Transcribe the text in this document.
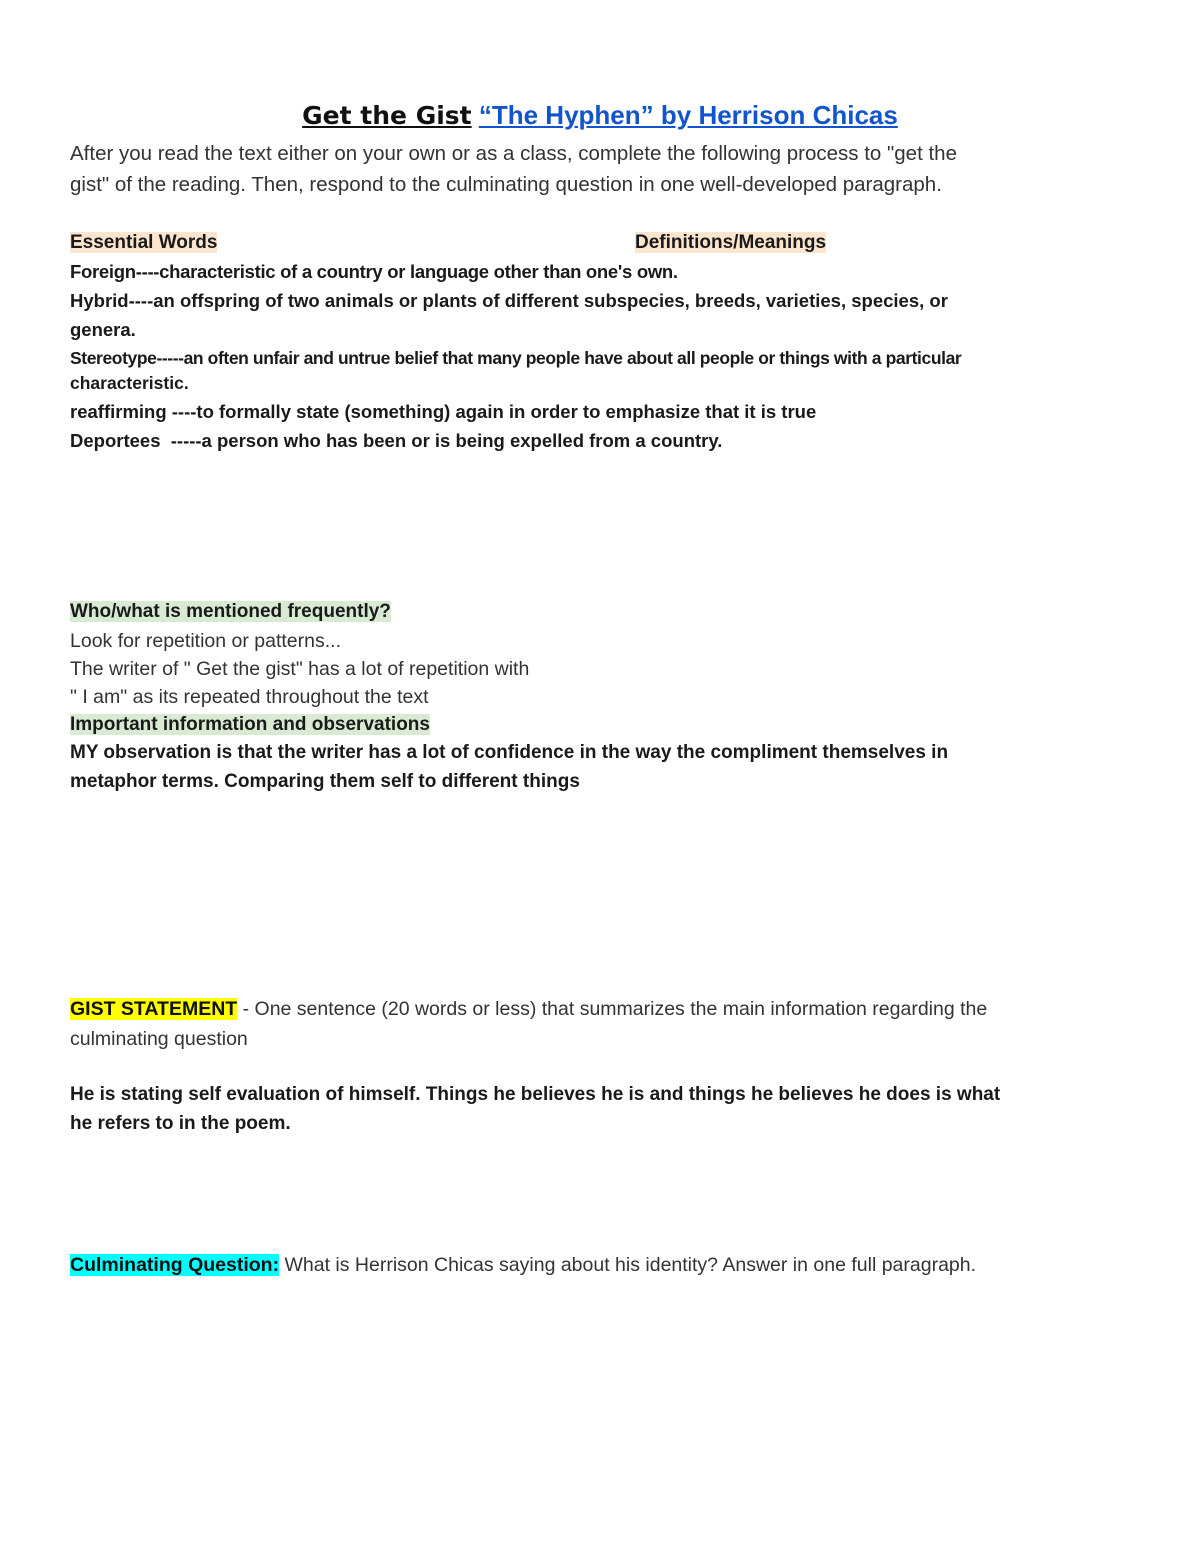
Get the Gist “The Hyphen” by Herrison Chicas
After you read the text either on your own or as a class, complete the following process to "get the
gist" of the reading. Then, respond to the culminating question in one well-developed paragraph.
Essential Words	Definitions/Meanings
Foreign----characteristic of a country or language other than one's own.
Hybrid----an offspring of two animals or plants of different subspecies, breeds, varieties, species, or
genera.
Stereotype-----an often unfair and untrue belief that many people have about all people or things with a particular
characteristic.
reaffirming ----to formally state (something) again in order to emphasize that it is true
Deportees  -----a person who has been or is being expelled from a country.
Who/what is mentioned frequently?
Look for repetition or patterns...
The writer of " Get the gist" has a lot of repetition with
" I am" as its repeated throughout the text
Important information and observations
MY observation is that the writer has a lot of confidence in the way the compliment themselves in
metaphor terms. Comparing them self to different things
GIST STATEMENT - One sentence (20 words or less) that summarizes the main information regarding the
culminating question
He is stating self evaluation of himself. Things he believes he is and things he believes he does is what
he refers to in the poem.
Culminating Question: What is Herrison Chicas saying about his identity? Answer in one full paragraph.
